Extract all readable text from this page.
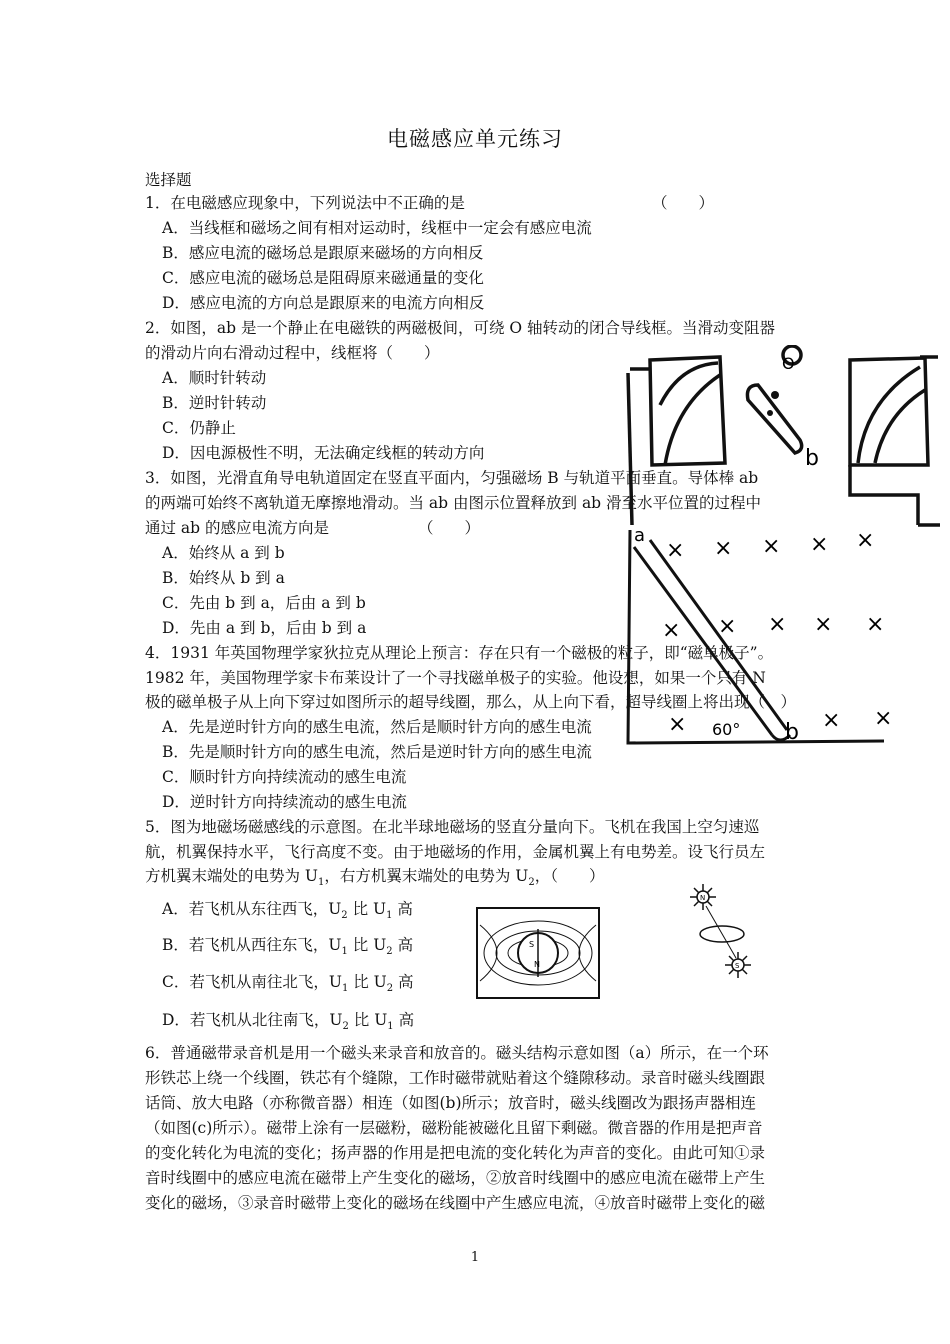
电磁感应单元练习
选择题
1．在电磁感应现象中，下列说法中不正确的是	（　　）
A．当线框和磁场之间有相对运动时，线框中一定会有感应电流
B．感应电流的磁场总是跟原来磁场的方向相反
C．感应电流的磁场总是阻碍原来磁通量的变化
D．感应电流的方向总是跟原来的电流方向相反
2．如图，ab 是一个静止在电磁铁的两磁极间，可绕 O 轴转动的闭合导线框。当滑动变阻器
的滑动片向右滑动过程中，线框将（　　）
A．顺时针转动
B．逆时针转动
C．仍静止
D．因电源极性不明，无法确定线框的转动方向
3．如图，光滑直角导电轨道固定在竖直平面内，匀强磁场 B 与轨道平面垂直。导体棒 ab
的两端可始终不离轨道无摩擦地滑动。当 ab 由图示位置释放到 ab 滑至水平位置的过程中
通过 ab 的感应电流方向是	（　　）
A．始终从 a 到 b
B．始终从 b 到 a
C．先由 b 到 a，后由 a 到 b
D．先由 a 到 b，后由 b 到 a
4．1931 年英国物理学家狄拉克从理论上预言：存在只有一个磁极的粒子，即“磁单极子”。
1982 年，美国物理学家卡布莱设计了一个寻找磁单极子的实验。他设想，如果一个只有 N
极的磁单极子从上向下穿过如图所示的超导线圈，那么，从上向下看，超导线圈上将出现（　）
A．先是逆时针方向的感生电流，然后是顺时针方向的感生电流
B．先是顺时针方向的感生电流，然后是逆时针方向的感生电流
C．顺时针方向持续流动的感生电流
D．逆时针方向持续流动的感生电流
5．图为地磁场磁感线的示意图。在北半球地磁场的竖直分量向下。飞机在我国上空匀速巡
航，机翼保持水平，飞行高度不变。由于地磁场的作用，金属机翼上有电势差。设飞行员左
方机翼末端处的电势为 $U_1$，右方机翼末端处的电势为 $U_2$，（　　）
A．若飞机从东往西飞，$U_2$ 比 $U_1$ 高
B．若飞机从西往东飞，$U_1$ 比 $U_2$ 高
C．若飞机从南往北飞，$U_1$ 比 $U_2$ 高
D．若飞机从北往南飞，$U_2$ 比 $U_1$ 高
6．普通磁带录音机是用一个磁头来录音和放音的。磁头结构示意如图（a）所示，在一个环
形铁芯上绕一个线圈，铁芯有个缝隙，工作时磁带就贴着这个缝隙移动。录音时磁头线圈跟
话筒、放大电路（亦称微音器）相连（如图(b)所示；放音时，磁头线圈改为跟扬声器相连
（如图(c)所示）。磁带上涂有一层磁粉，磁粉能被磁化且留下剩磁。微音器的作用是把声音
的变化转化为电流的变化；扬声器的作用是把电流的变化转化为声音的变化。由此可知①录
音时线圈中的感应电流在磁带上产生变化的磁场，②放音时线圈中的感应电流在磁带上产生
变化的磁场，③录音时磁带上变化的磁场在线圈中产生感应电流，④放音时磁带上变化的磁
O
b
a
b
60°
× × × × ×
× × × × ×
×	× ×
S
N
N
S
1
